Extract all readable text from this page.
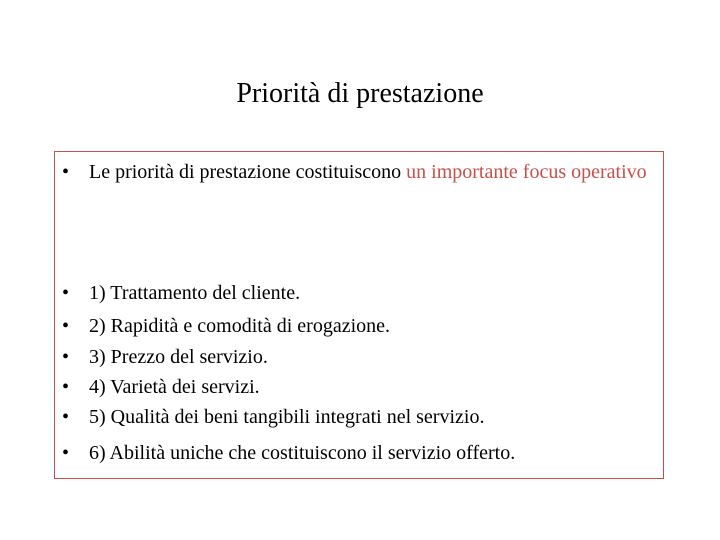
Priorità di prestazione
• Le priorità di prestazione costituiscono un importante focus operativo
• 1) Trattamento del cliente.
• 2) Rapidità e comodità di erogazione.
• 3) Prezzo del servizio.
• 4) Varietà dei servizi.
• 5) Qualità dei beni tangibili integrati nel servizio.
• 6) Abilità uniche che costituiscono il servizio offerto.
